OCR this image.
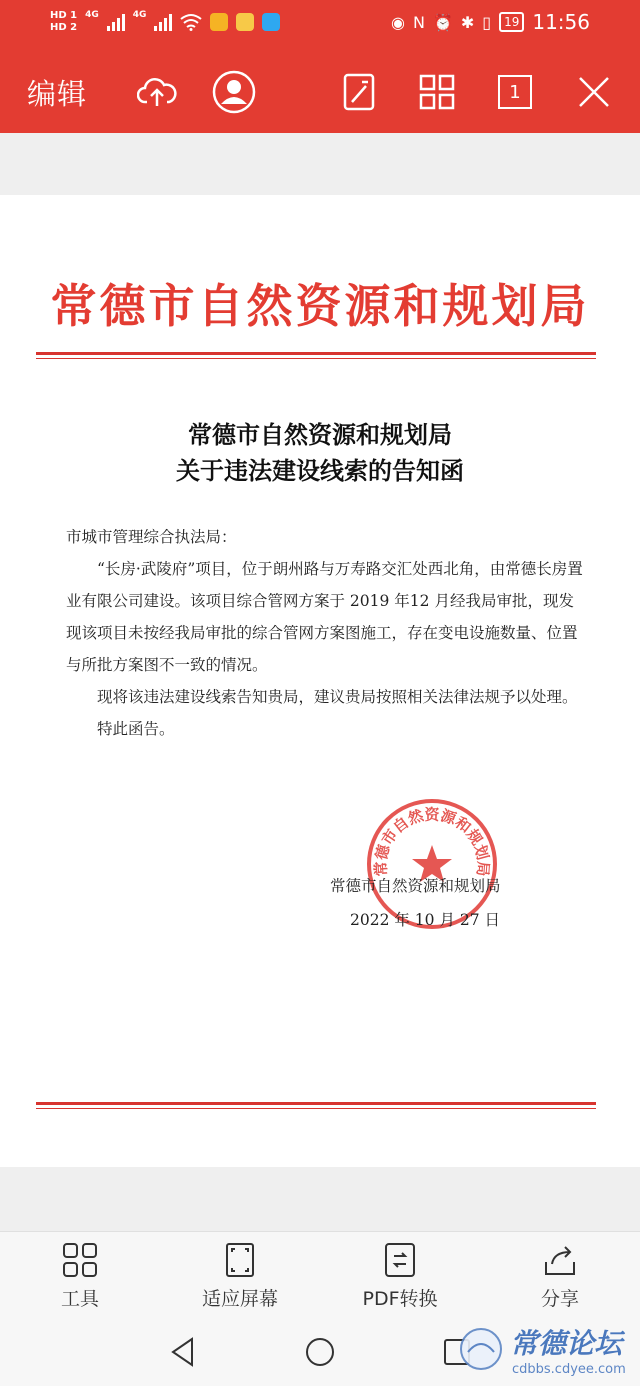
HD 1
HD 2
4G	4G	◉ N ⏰ ✱ ▯	19 11:56
编辑	1
常德市自然资源和规划局
常德市自然资源和规划局
关于违法建设线索的告知函

市城市管理综合执法局：

“长房·武陵府”项目，位于朗州路与万寿路交汇处西北角，由常德长房置业有限公司建设。该项目综合管网方案于 2019 年12 月经我局审批，现发现该项目未按经我局审批的综合管网方案图施工，存在变电设施数量、位置与所批方案图不一致的情况。

现将该违法建设线索告知贵局，建议贵局按照相关法律法规予以处理。

特此函告。

常德市自然资源和规划局
常德市自然资源和规划局
2022 年 10 月 27 日
工具	适应屏幕	PDF转换	分享
常德论坛
cdbbs.cdyee.com
